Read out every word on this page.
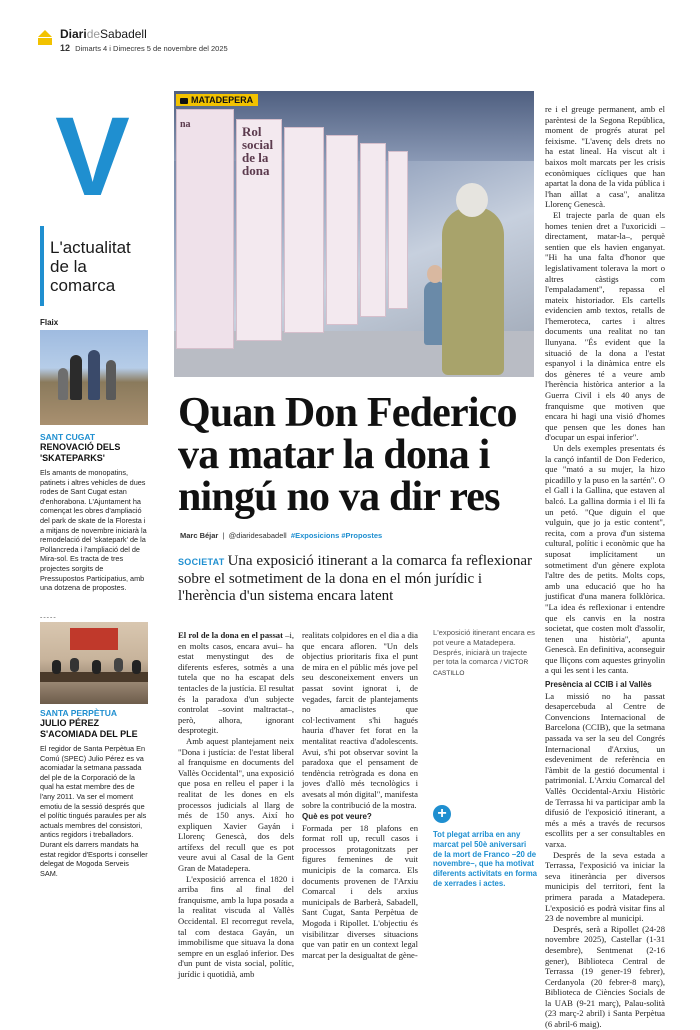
DiarideSabadell
12 Dimarts 4 i Dimecres 5 de novembre del 2025
V
L'actualitat
de la
comarca
Flaix
SANT CUGAT
RENOVACIÓ DELS
'SKATEPARKS'
Els amants de monopatins, patinets i altres vehicles de dues rodes de Sant Cugat estan d'enhorabona. L'Ajuntament ha començat les obres d'ampliació del park de skate de la Floresta i a mitjans de novembre iniciarà la remodelació del 'skatepark' de la Pollancreda i l'ampliació del de Mira-sol. Es tracta de tres projectes sorgits de Pressupostos Participatius, amb una dotzena de propostes.
-----
SANTA PERPÈTUA
JULIO PÉREZ
S'ACOMIADA DEL PLE
El regidor de Santa Perpètua En Comú (SPEC) Julio Pérez es va acomiadar la setmana passada del ple de la Corporació de la qual ha estat membre des de l'any 2011. Va ser el moment emotiu de la sessió després que el polític tingués paraules per als actuals membres del consistori, antics regidors i treballadors. Durant els darrers mandats ha estat regidor d'Esports i conseller delegat de Mogoda Serveis SAM.
na	Rol social de la dona
MATADEPERA
Quan Don Federico va matar la dona i ningú no va dir res
Marc Béjar  |  @diaridesabadell #Exposicions #Propostes
SOCIETAT Una exposició itinerant a la comarca fa reflexionar sobre el sotmetiment de la dona en el món jurídic i l'herència d'un sistema encara latent

El rol de la dona en el passat –i, en molts casos, encara avui– ha estat menystingut des de diferents esferes, sotmès a una tutela que no ha escapat dels tentacles de la justícia. El resultat és la paradoxa d'un subjecte controlat –sovint maltractat–, però, alhora, ignorant desprotegit.

Amb aquest plantejament neix "Dona i justícia: de l'estat liberal al franquisme en documents del Vallès Occidental", una exposició que posa en relleu el paper i la realitat de les dones en els processos judicials al llarg de més de 150 anys. Així ho expliquen Xavier Gayán i Llorenç Genescà, dos dels artífexs del recull que es pot veure avui al Casal de la Gent Gran de Matadepera.

L'exposició arrenca el 1820 i arriba fins al final del franquisme, amb la lupa posada a la realitat viscuda al Vallès Occidental. El recorregut revela, tal com destaca Gayán, un immobilisme que situava la dona sempre en un esglaó inferior. Des d'un punt de vista social, polític, jurídic i quotidià, amb

realitats colpidores en el dia a dia que encara afloren. "Un dels objectius prioritaris fixa el punt de mira en el públic més jove pel seu desconeixement envers un passat sovint ignorat i, de vegades, farcit de plantejaments no amaclistes que col·lectivament s'hi hagués hauria d'haver fet forat en la mentalitat reactiva d'adolescents. Avui, s'hi pot observar sovint la paradoxa que el pensament de tendència retrògrada es dona en joves d'allò més tecnològics i avesats al món digital", manifesta sobre la contribució de la mostra.

Què es pot veure?

Formada per 18 plafons en format roll up, recull casos i processos protagonitzats per figures femenines de vuit municipis de la comarca. Els documents provenen de l'Arxiu Comarcal i dels arxius municipals de Barberà, Sabadell, Sant Cugat, Santa Perpètua de Mogoda i Ripollet. L'objectiu és visibilitzar diverses situacions que van patir en un context legal marcat per la desigualtat de gène-

L'exposició itinerant encara es pot veure a Matadepera. Després, iniciarà un trajecte per tota la comarca / VICTOR CASTILLO
+
Tot plegat arriba en any marcat pel 50è aniversari de la mort de Franco –20 de novembre–, que ha motivat diferents activitats en forma de xerrades i actes.

re i el greuge permanent, amb el parèntesi de la Segona República, moment de progrés aturat pel feixisme. "L'avenç dels drets no ha estat lineal. Ha viscut alt i baixos molt marcats per les crisis econòmiques cícliques que han apartat la dona de la vida pública i l'han aïllat a casa", analitza Llorenç Genescà.

El trajecte parla de quan els homes tenien dret a l'uxoricidi –directament, matar-la–, perquè sentien que els havien enganyat. "Hi ha una falta d'honor que legislativament tolerava la mort o altres càstigs com l'empaladament", repassa el mateix historiador. Els cartells evidencien amb textos, retalls de l'hemeroteca, cartes i altres documents una realitat no tan llunyana. "És evident que la situació de la dona a l'estat espanyol i la dinàmica entre els dos gèneres té a veure amb l'herència històrica anterior a la Guerra Civil i els 40 anys de franquisme que motiven que encara hi hagi una visió d'homes que pensen que les dones han d'ocupar un espai inferior".

Un dels exemples presentats és la cançó infantil de Don Federico, que "mató a su mujer, la hizo picadillo y la puso en la sartén". O el Gall i la Gallina, que estaven al balcó. La gallina dormia i el lli fa un petó. "Que diguin el que vulguin, que jo ja estic content", recita, com a prova d'un sistema cultural, polític i econòmic que ha suposat implícitament un sotmetiment d'un gènere explota l'altre des de petits. Molts cops, amb una educació que ho ha justificat d'una manera folklòrica. "La idea és reflexionar i entendre que els canvis en la nostra societat, que costen molt d'assolir, tenen una història", apunta Genescà. En definitiva, aconseguir que lliçons com aquestes grinyolin a qui les sent i les canta.

Presència al CCIB i al Vallès

La missió no ha passat desapercebuda al Centre de Convencions Internacional de Barcelona (CCIB), que la setmana passada va ser la seu del Congrés Internacional d'Arxius, un esdeveniment de referència en l'àmbit de la gestió documental i patrimonial. L'Arxiu Comarcal del Vallès Occidental-Arxiu Històric de Terrassa hi va participar amb la difusió de l'exposició itinerant, a més a més a través de recursos escollits per a ser consultables en varxa.

Després de la seva estada a Terrassa, l'exposició va iniciar la seva itinerància per diversos municipis del territori, fent la primera parada a Matadepera. L'exposició es podrà visitar fins al 23 de novembre al municipi.

Després, serà a Ripollet (24-28 novembre 2025), Castellar (1-31 desembre), Sentmenat (2-16 gener), Biblioteca Central de Terrassa (19 gener-19 febrer), Cerdanyola (20 febrer-8 març), Biblioteca de Ciències Socials de la UAB (9-21 març), Palau-solità (23 març-2 abril) i Santa Perpètua (6 abril-6 maig).
